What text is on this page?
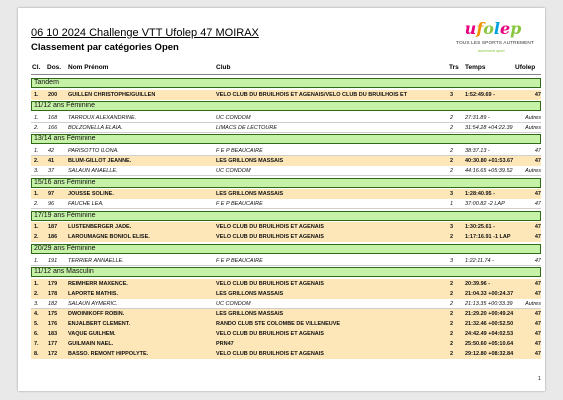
06 10 2024 Challenge VTT Ufolep 47 MOIRAX
Classement par catégories Open
ufolep
TOUS LES SPORTS AUTREMENT
autrement sport
Cl. Dos. Nom Prénom	Club	Trs Temps	Ufolep
Tandem
1.	200	GUILLEN CHRISTOPHE/GUILLEN	VELO CLUB DU BRUILHOIS ET AGENAIS/VELO CLUB DU BRUILHOIS ET	3	1:52:49.69 -	47
11/12 ans Féminine
1.	168	TARROUX ALEXANDRINE.	UC CONDOM	2	27:31.89 -	Autres
2.	166	BOLZONELLA ELAIA.	LIMACS DE LECTOURE	2	31:54.28 +04:22.39	Autres
13/14 ans Féminine
1.	42	PARISOTTO ILONA.	F E P BEAUCAIRE	2	38:37.13 -	47
2.	41	BLUM-GILLOT JEANNE.	LES GRILLONS MASSAIS	2	40:30.80 +01:53.67	47
3.	37	SALAUN ANAELLE.	UC CONDOM	2	44:16.65 +05:39.52	Autres
15/16 ans Féminine
1.	97	JOUSSE SOLINE.	LES GRILLONS MASSAIS	3	1:28:40.95 -	47
2.	96	FAUCHE LEA.	F E P BEAUCAIRE	1	37:00.82 -2 LAP	47
17/19 ans Féminine
1.	187	LUSTENBERGER JADE.	VELO CLUB DU BRUILHOIS ET AGENAIS	3	1:30:25.61 -	47
2.	186	LAROUMAGNE BONIOL ELISE.	VELO CLUB DU BRUILHOIS ET AGENAIS	2	1:17:16.91 -1 LAP	47
20/29 ans Féminine
1.	191	TERRIER ANNAELLE.	F E P BEAUCAIRE	3	1:22:11.74 -	47
11/12 ans Masculin
1.	179	REIMHERR MAXENCE.	VELO CLUB DU BRUILHOIS ET AGENAIS	2	20:39.96 -	47
2.	178	LAPORTE MATHIS.	LES GRILLONS MASSAIS	2	21:04.33 +00:24.37	47
3.	182	SALAUN AYMERIC.	UC CONDOM	2	21:13.35 +00:33.39	Autres
4.	175	DWOINIKOFF ROBIN.	LES GRILLONS MASSAIS	2	21:29.20 +00:49.24	47
5.	176	ENJALBERT CLEMENT.	RANDO CLUB STE COLOMBE DE VILLENEUVE	2	21:32.46 +00:52.50	47
6.	183	VAQUE GUILHEM.	VELO CLUB DU BRUILHOIS ET AGENAIS	2	24:42.49 +04:02.53	47
7.	177	GUILMAIN NAEL.	PRN47	2	25:50.60 +05:10.64	47
8.	172	BASSO. REMONT HIPPOLYTE.	VELO CLUB DU BRUILHOIS ET AGENAIS	2	29:12.80 +08:32.84	47
1
